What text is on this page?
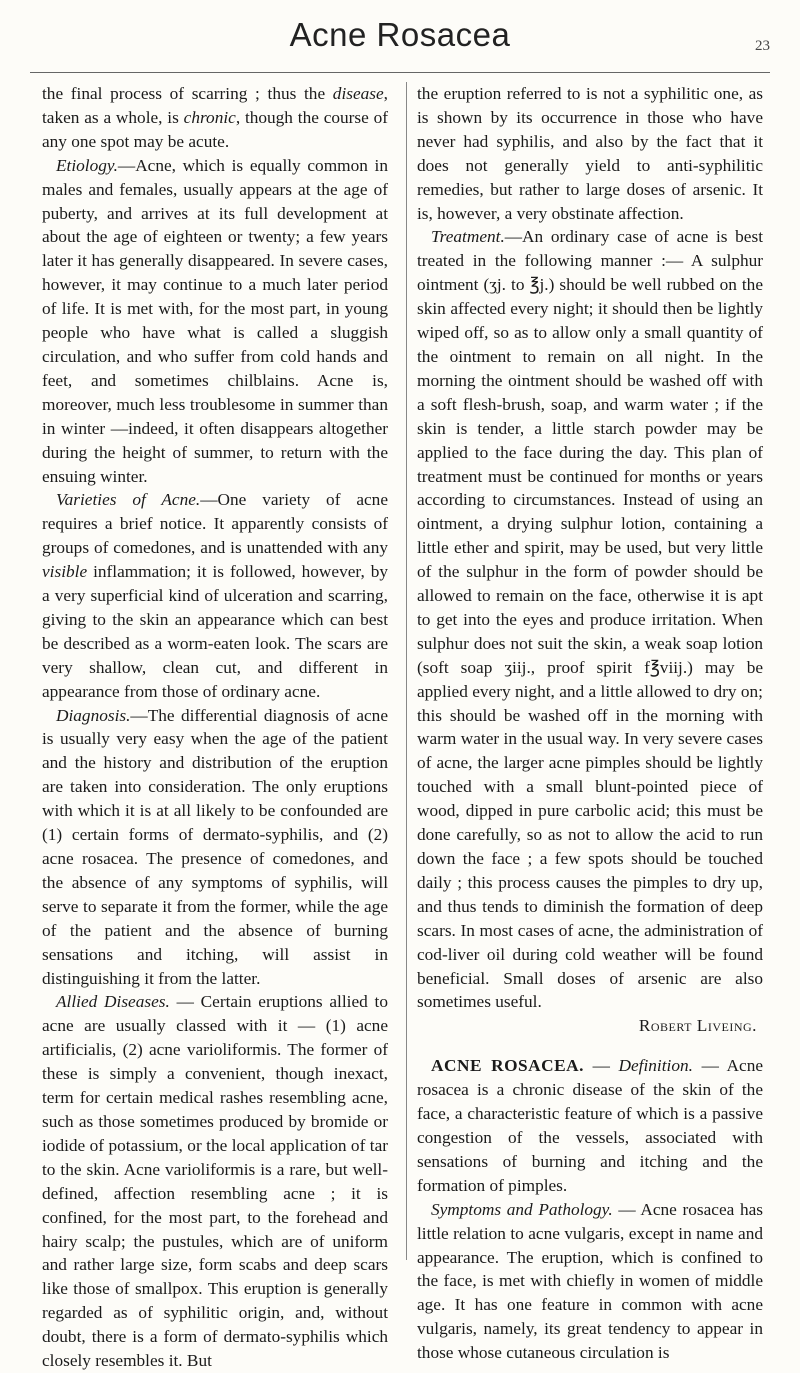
Acne Rosacea	23

the final process of scarring ; thus the disease, taken as a whole, is chronic, though the course of any one spot may be acute.

Etiology.—Acne, which is equally common in males and females, usually appears at the age of puberty, and arrives at its full development at about the age of eighteen or twenty; a few years later it has generally disappeared. In severe cases, however, it may continue to a much later period of life. It is met with, for the most part, in young people who have what is called a sluggish circulation, and who suffer from cold hands and feet, and sometimes chilblains. Acne is, moreover, much less troublesome in summer than in winter —indeed, it often disappears altogether during the height of summer, to return with the ensuing winter.

Varieties of Acne.—One variety of acne requires a brief notice. It apparently consists of groups of comedones, and is unattended with any visible inflammation; it is followed, however, by a very superficial kind of ulceration and scarring, giving to the skin an appearance which can best be described as a worm-eaten look. The scars are very shallow, clean cut, and different in appearance from those of ordinary acne.

Diagnosis.—The differential diagnosis of acne is usually very easy when the age of the patient and the history and distribution of the eruption are taken into consideration. The only eruptions with which it is at all likely to be confounded are (1) certain forms of dermato-syphilis, and (2) acne rosacea. The presence of comedones, and the absence of any symptoms of syphilis, will serve to separate it from the former, while the age of the patient and the absence of burning sensations and itching, will assist in distinguishing it from the latter.

Allied Diseases. — Certain eruptions allied to acne are usually classed with it — (1) acne artificialis, (2) acne varioliformis. The former of these is simply a convenient, though inexact, term for certain medical rashes resembling acne, such as those sometimes produced by bromide or iodide of potassium, or the local application of tar to the skin. Acne varioliformis is a rare, but well-defined, affection resembling acne ; it is confined, for the most part, to the forehead and hairy scalp; the pustules, which are of uniform and rather large size, form scabs and deep scars like those of smallpox. This eruption is generally regarded as of syphilitic origin, and, without doubt, there is a form of dermato-syphilis which closely resembles it. But

the eruption referred to is not a syphilitic one, as is shown by its occurrence in those who have never had syphilis, and also by the fact that it does not generally yield to anti-syphilitic remedies, but rather to large doses of arsenic. It is, however, a very obstinate affection.

Treatment.—An ordinary case of acne is best treated in the following manner :— A sulphur ointment (ʒj. to ℥j.) should be well rubbed on the skin affected every night; it should then be lightly wiped off, so as to allow only a small quantity of the ointment to remain on all night. In the morning the ointment should be washed off with a soft flesh-brush, soap, and warm water ; if the skin is tender, a little starch powder may be applied to the face during the day. This plan of treatment must be continued for months or years according to circumstances. Instead of using an ointment, a drying sulphur lotion, containing a little ether and spirit, may be used, but very little of the sulphur in the form of powder should be allowed to remain on the face, otherwise it is apt to get into the eyes and produce irritation. When sulphur does not suit the skin, a weak soap lotion (soft soap ʒiij., proof spirit f℥viij.) may be applied every night, and a little allowed to dry on; this should be washed off in the morning with warm water in the usual way. In very severe cases of acne, the larger acne pimples should be lightly touched with a small blunt-pointed piece of wood, dipped in pure carbolic acid; this must be done carefully, so as not to allow the acid to run down the face ; a few spots should be touched daily ; this process causes the pimples to dry up, and thus tends to diminish the formation of deep scars. In most cases of acne, the administration of cod-liver oil during cold weather will be found beneficial. Small doses of arsenic are also sometimes useful.

Robert Liveing.

ACNE ROSACEA. — Definition. — Acne rosacea is a chronic disease of the skin of the face, a characteristic feature of which is a passive congestion of the vessels, associated with sensations of burning and itching and the formation of pimples.

Symptoms and Pathology. — Acne rosacea has little relation to acne vulgaris, except in name and appearance. The eruption, which is confined to the face, is met with chiefly in women of middle age. It has one feature in common with acne vulgaris, namely, its great tendency to appear in those whose cutaneous circulation is
